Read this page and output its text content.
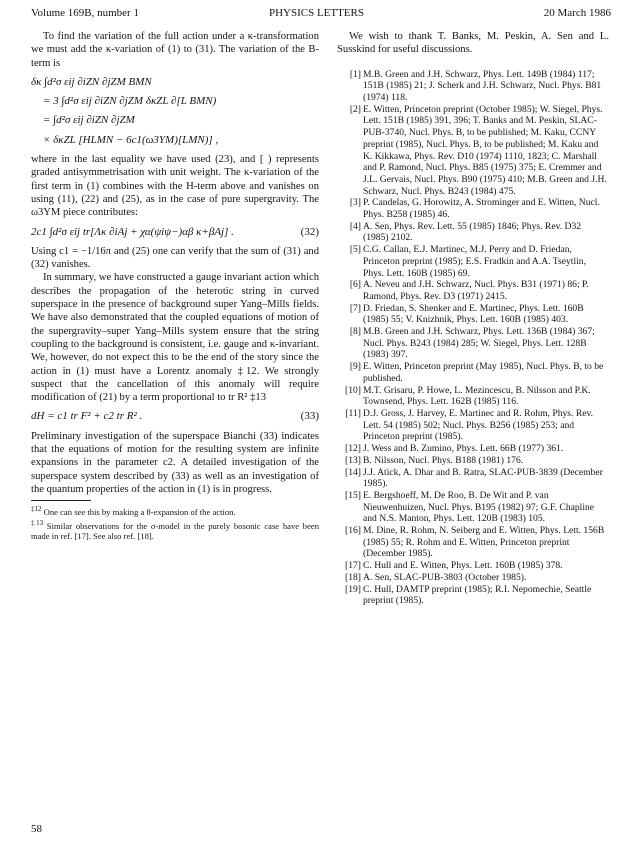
Volume 169B, number 1	PHYSICS LETTERS	20 March 1986

To find the variation of the full action under a κ-transformation we must add the κ-variation of (1) to (31). The variation of the B-term is

δκ ∫d²σ εij ∂iZN ∂jZM BMN
= 3 ∫d²σ εij ∂iZN ∂jZM δκZL ∂[L BMN)
= ∫d²σ εij ∂iZN ∂jZM
× δκZL [HLMN − 6c1(ω3YM)[LMN)] ,

where in the last equality we have used (23), and [ ) represents graded antisymmetrisation with unit weight. The κ-variation of the first term in (1) combines with the H-term above and vanishes on using (11), (22) and (25), as in the case of pure supergravity. The ω3YM piece contributes:

2c1 ∫d²σ εij tr[Λκ ∂iAj + χα(ψiψ−)αβ κ+βAj] .	(32)

Using c1 = −1/16π and (25) one can verify that the sum of (31) and (32) vanishes.

In summary, we have constructed a gauge invariant action which describes the propagation of the heterotic string in curved superspace in the presence of background super Yang–Mills fields. We have also demonstrated that the coupled equations of motion of the supergravity–super Yang–Mills system ensure that the string coupling to the background is consistent, i.e. gauge and κ-invariant. We, however, do not expect this to be the end of the story since the action in (1) must have a Lorentz anomaly ‡12. We strongly suspect that the cancellation of this anomaly will require modification of (21) by a term proportional to tr R² ‡13

dH = c1 tr F² + c2 tr R² .	(33)

Preliminary investigation of the superspace Bianchi (33) indicates that the equations of motion for the resulting system are infinite expansions in the parameter c2. A detailed investigation of the superspace system described by (33) as well as an investigation of the quantum properties of the action in (1) is in progress.

$^{\ddagger 12}$ One can see this by making a θ-expansion of the action.

$^{\ddagger 13}$ Similar observations for the σ-model in the purely bosonic case have been made in ref. [17]. See also ref. [18].

We wish to thank T. Banks, M. Peskin, A. Sen and L. Susskind for useful discussions.

[1] M.B. Green and J.H. Schwarz, Phys. Lett. 149B (1984) 117; 151B (1985) 21; J. Scherk and J.H. Schwarz, Nucl. Phys. B81 (1974) 118.
[2] E. Witten, Princeton preprint (October 1985); W. Siegel, Phys. Lett. 151B (1985) 391, 396; T. Banks and M. Peskin, SLAC-PUB-3740, Nucl. Phys. B, to be published; M. Kaku, CCNY preprint (1985), Nucl. Phys. B, to be published; M. Kaku and K. Kikkawa, Phys. Rev. D10 (1974) 1110, 1823; C. Marshall and P. Ramond, Nucl. Phys. B85 (1975) 375; E. Cremmer and J.L. Gervais, Nucl. Phys. B90 (1975) 410; M.B. Green and J.H. Schwarz, Nucl. Phys. B243 (1984) 475.
[3] P. Candelas, G. Horowitz, A. Strominger and E. Witten, Nucl. Phys. B258 (1985) 46.
[4] A. Sen, Phys. Rev. Lett. 55 (1985) 1846; Phys. Rev. D32 (1985) 2102.
[5] C.G. Callan, E.J. Martinec, M.J. Perry and D. Friedan, Princeton preprint (1985); E.S. Fradkin and A.A. Tseytlin, Phys. Lett. 160B (1985) 69.
[6] A. Neveu and J.H. Schwarz, Nucl. Phys. B31 (1971) 86; P. Ramond, Phys. Rev. D3 (1971) 2415.
[7] D. Friedan, S. Shenker and E. Martinec, Phys. Lett. 160B (1985) 55; V. Knizhnik, Phys. Lett. 160B (1985) 403.
[8] M.B. Green and J.H. Schwarz, Phys. Lett. 136B (1984) 367; Nucl. Phys. B243 (1984) 285; W. Siegel, Phys. Lett. 128B (1983) 397.
[9] E. Witten, Princeton preprint (May 1985), Nucl. Phys. B, to be published.
[10] M.T. Grisaru, P. Howe, L. Mezincescu, B. Nilsson and P.K. Townsend, Phys. Lett. 162B (1985) 116.
[11] D.J. Gross, J. Harvey, E. Martinec and R. Rohm, Phys. Rev. Lett. 54 (1985) 502; Nucl. Phys. B256 (1985) 253; and Princeton preprint (1985).
[12] J. Wess and B. Zumino, Phys. Lett. 66B (1977) 361.
[13] B. Nilsson, Nucl. Phys. B188 (1981) 176.
[14] J.J. Atick, A. Dhar and B. Ratra, SLAC-PUB-3839 (December 1985).
[15] E. Bergshoeff, M. De Roo, B. De Wit and P. van Nieuwenhuizen, Nucl. Phys. B195 (1982) 97; G.F. Chapline and N.S. Manton, Phys. Lett. 120B (1983) 105.
[16] M. Dine, R. Rohm, N. Seiberg and E. Witten, Phys. Lett. 156B (1985) 55; R. Rohm and E. Witten, Princeton preprint (December 1985).
[17] C. Hull and E. Witten, Phys. Lett. 160B (1985) 378.
[18] A. Sen, SLAC-PUB-3803 (October 1985).
[19] C. Hull, DAMTP preprint (1985); R.I. Nepomechie, Seattle preprint (1985).
58
